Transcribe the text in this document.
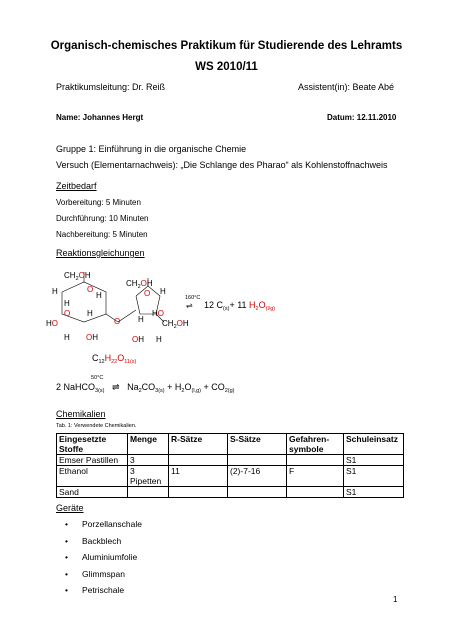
Organisch-chemisches Praktikum für Studierende des Lehramts
WS 2010/11
Praktikumsleitung: Dr. Reiß	Assistent(in): Beate Abé
Name: Johannes Hergt	Datum: 12.11.2010
Gruppe 1: Einführung in die organische Chemie
Versuch (Elementarnachweis): „Die Schlange des Pharao“ als Kohlenstoffnachweis
Zeitbedarf
Vorbereitung: 5 Minuten
Durchführung: 10 Minuten
Nachbereitung: 5 Minuten
Reaktionsgleichungen
$CH_2OH$
$CH_2OH$
$CH_2OH$
O	O
O
H
H
H	H
H
H
O
H
HO
HO
OH	OH H
160°C
⇌ 12 $C_{(s)}+ 11$ $H_2O_{(l/g)}$
$C_{12}H_{22}O_{11(s)}$
50°C
2 NaHCO$_{3(s)}$ ⇌ $Na_2CO_{3(s)} + H_2O_{(l,g)} + CO_{2(g)}$
Chemikalien
Tab. 1: Verwendete Chemikalien.
Eingesetzte Stoffe	Menge	R-Sätze	S-Sätze	Gefahren-symbole	Schuleinsatz
Emser Pastillen	3				S1
Ethanol	3 Pipetten	11	(2)-7-16	F	S1
Sand					S1
Geräte
• Porzellanschale
• Backblech
• Aluminiumfolie
• Glimmspan
• Petrischale
1
